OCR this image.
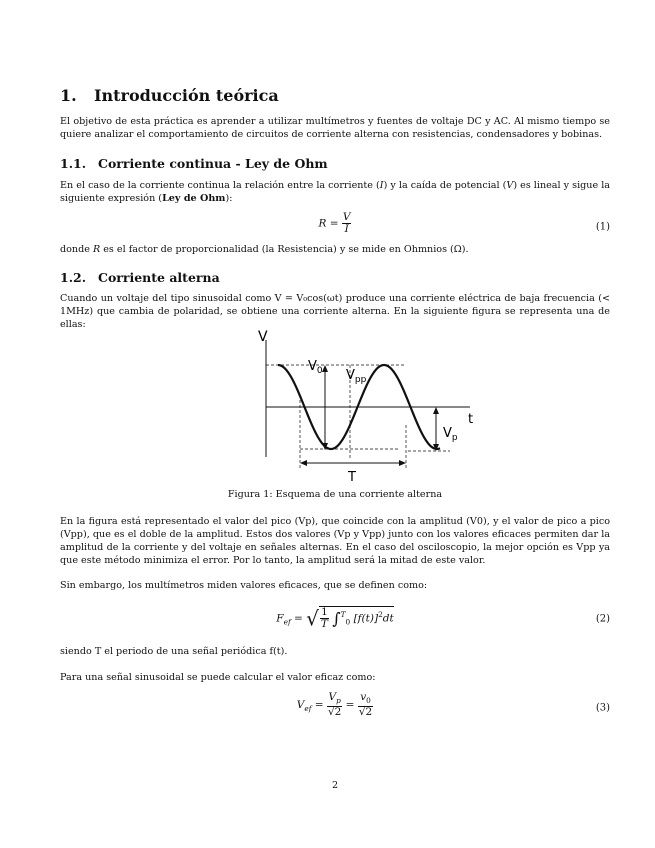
1. Introducción teórica

El objetivo de esta práctica es aprender a utilizar multímetros y fuentes de voltaje DC y AC. Al mismo tiempo se quiere analizar el comportamiento de circuitos de corriente alterna con resistencias, condensadores y bobinas.

1.1. Corriente continua - Ley de Ohm

En el caso de la corriente continua la relación entre la corriente (I) y la caída de potencial (V) es lineal y sigue la siguiente expresión (Ley de Ohm):

$R = \frac{V}{I}$	(1)

donde R es el factor de proporcionalidad (la Resistencia) y se mide en Ohmnios (Ω).

1.2. Corriente alterna

Cuando un voltaje del tipo sinusoidal como V = V₀cos(ωt) produce una corriente eléctrica de baja frecuencia (< 1MHz) que cambia de polaridad, se obtiene una corriente alterna. En la siguiente figura se representa una de ellas:

V
$V_0$ $V_{pp}$
t
$V_p$
T
Figura 1: Esquema de una corriente alterna

En la figura está representado el valor del pico (Vp), que coincide con la amplitud (V0), y el valor de pico a pico (Vpp), que es el doble de la amplitud. Estos dos valores (Vp y Vpp) junto con los valores eficaces permiten dar la amplitud de la corriente y del voltaje en señales alternas. En el caso del osciloscopio, la mejor opción es Vpp ya que este método minimiza el error. Por lo tanto, la amplitud será la mitad de este valor.

Sin embargo, los multímetros miden valores eficaces, que se definen como:

$F_{ef}$ = √ $\frac{1}{T} \int^T_0$ $[f(t)]^2dt$	(2)

siendo T el periodo de una señal periódica f(t).

Para una señal sinusoidal se puede calcular el valor eficaz como:

$V_{ef} = \frac{V_p}{√2} = \frac{v_0}{√2}$	(3)
2
